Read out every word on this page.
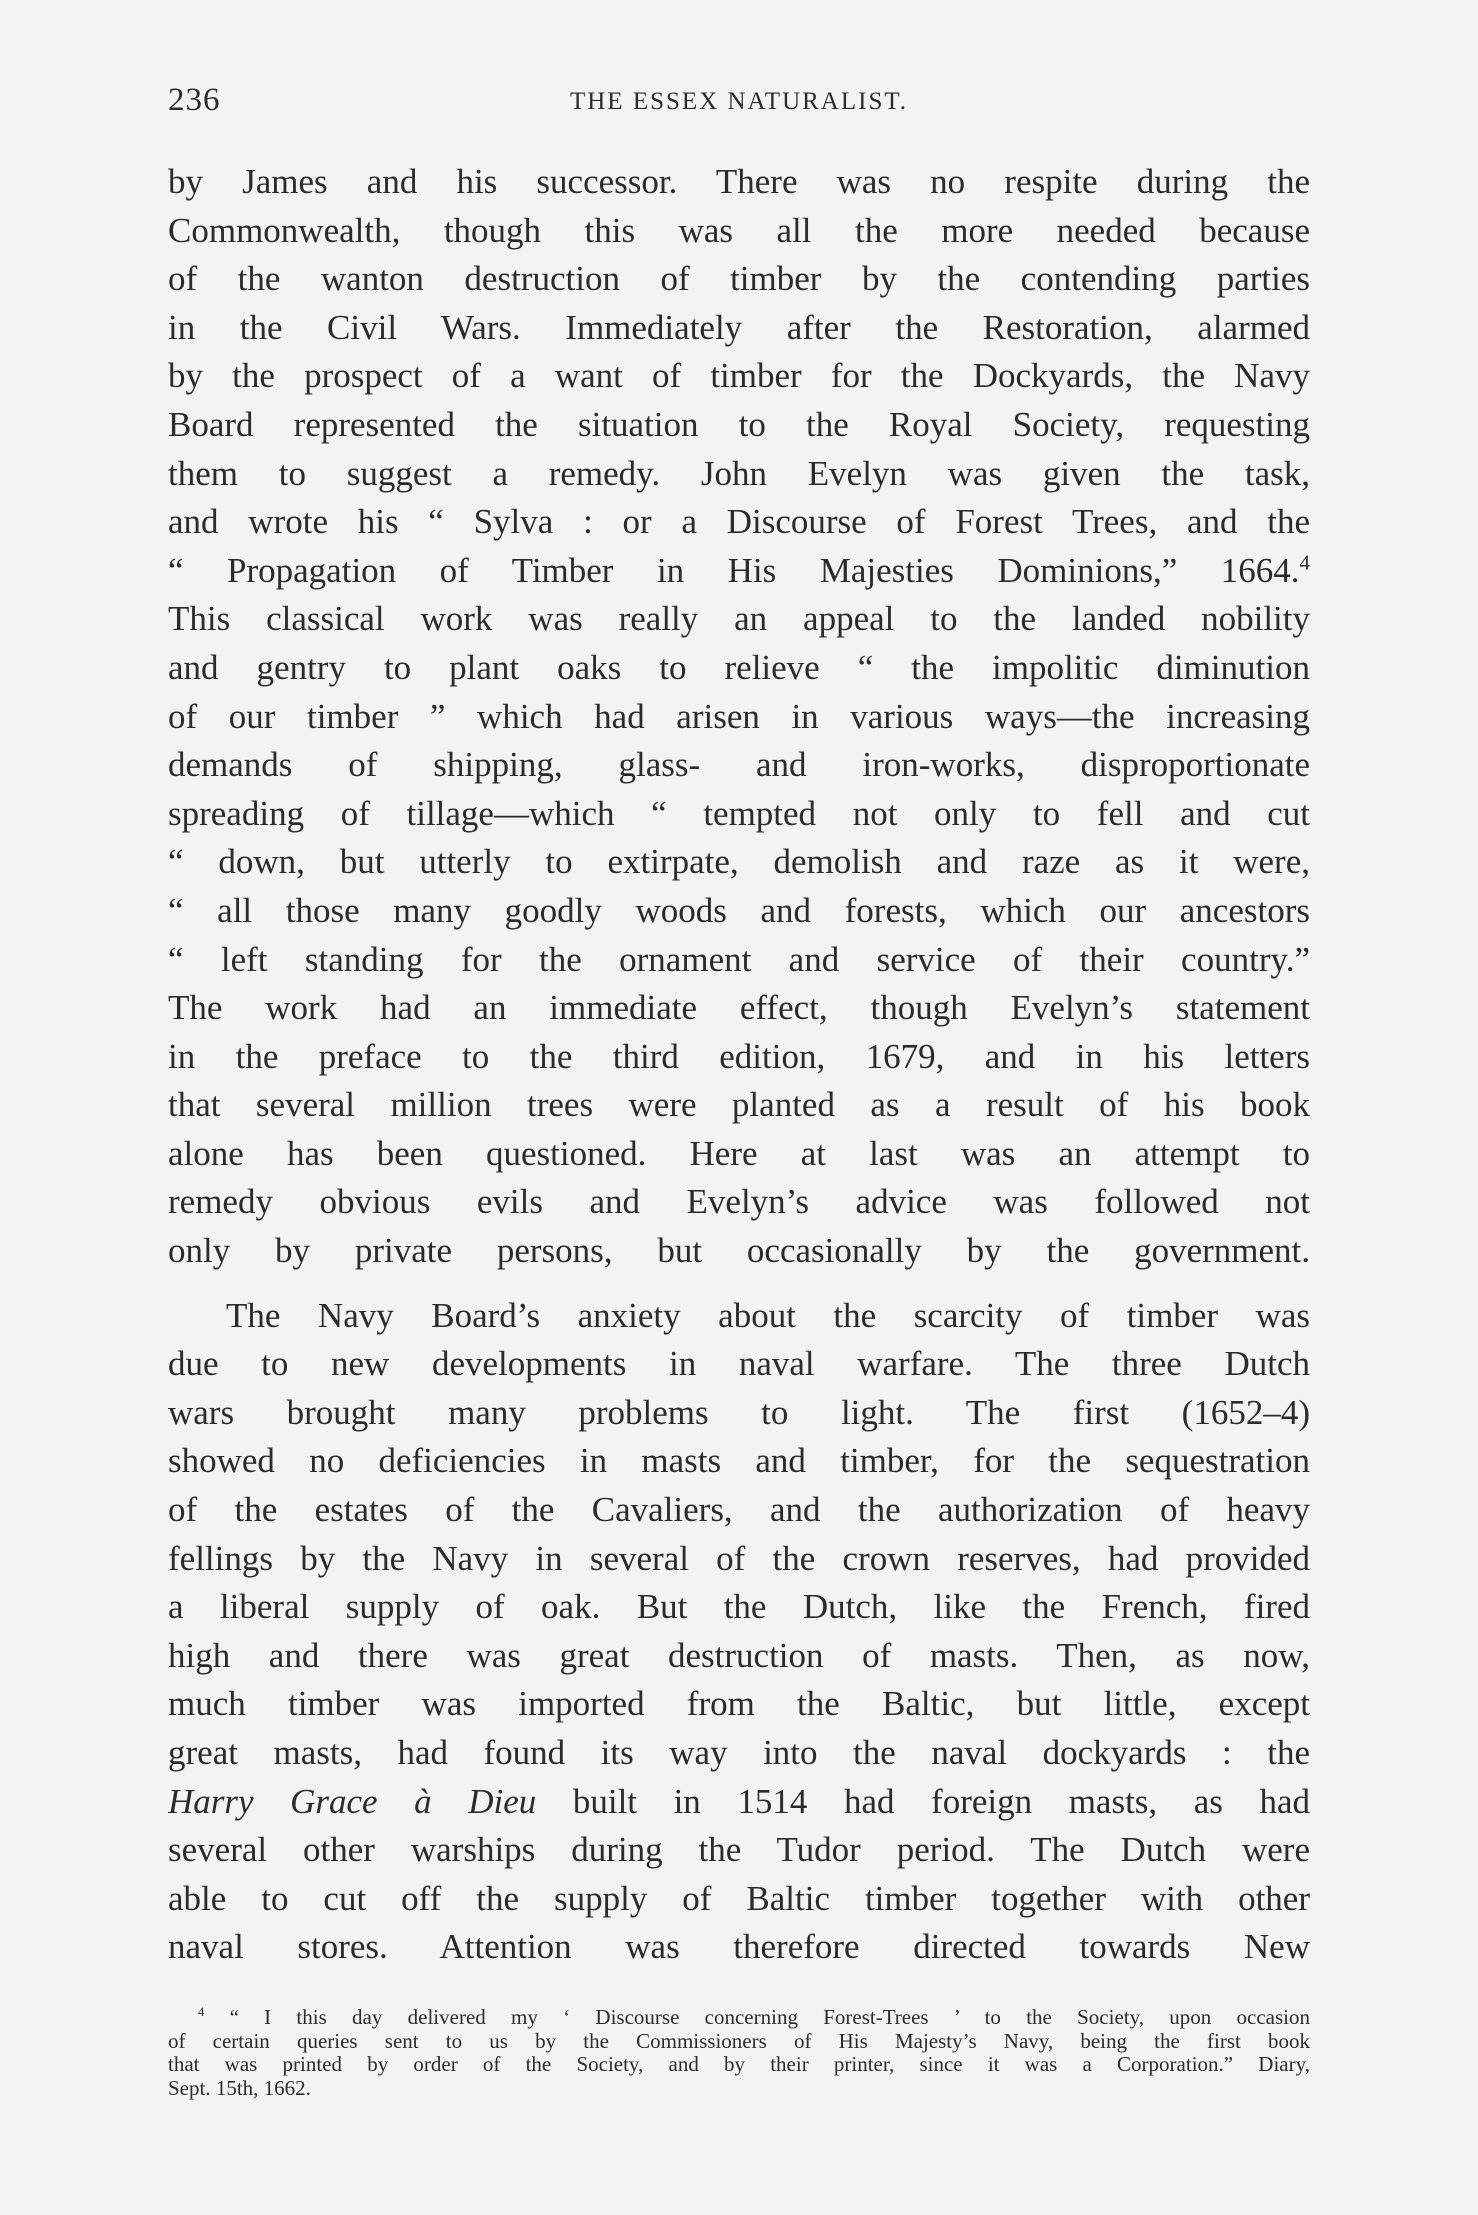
236	THE ESSEX NATURALIST.
by James and his successor. There was no respite during the
Commonwealth, though this was all the more needed because
of the wanton destruction of timber by the contending parties
in the Civil Wars. Immediately after the Restoration, alarmed
by the prospect of a want of timber for the Dockyards, the Navy
Board represented the situation to the Royal Society, requesting
them to suggest a remedy. John Evelyn was given the task,
and wrote his “ Sylva : or a Discourse of Forest Trees, and the
“ Propagation of Timber in His Majesties Dominions,” 1664.$^4$
This classical work was really an appeal to the landed nobility
and gentry to plant oaks to relieve “ the impolitic diminution
of our timber ” which had arisen in various ways—the increasing
demands of shipping, glass- and iron-works, disproportionate
spreading of tillage—which “ tempted not only to fell and cut
“ down, but utterly to extirpate, demolish and raze as it were,
“ all those many goodly woods and forests, which our ancestors
“ left standing for the ornament and service of their country.”
The work had an immediate effect, though Evelyn’s statement
in the preface to the third edition, 1679, and in his letters
that several million trees were planted as a result of his book
alone has been questioned. Here at last was an attempt to
remedy obvious evils and Evelyn’s advice was followed not
only by private persons, but occasionally by the government.
The Navy Board’s anxiety about the scarcity of timber was
due to new developments in naval warfare. The three Dutch
wars brought many problems to light. The first (1652–4)
showed no deficiencies in masts and timber, for the sequestration
of the estates of the Cavaliers, and the authorization of heavy
fellings by the Navy in several of the crown reserves, had provided
a liberal supply of oak. But the Dutch, like the French, fired
high and there was great destruction of masts. Then, as now,
much timber was imported from the Baltic, but little, except
great masts, had found its way into the naval dockyards : the
Harry Grace à Dieu built in 1514 had foreign masts, as had
several other warships during the Tudor period. The Dutch were
able to cut off the supply of Baltic timber together with other
naval stores. Attention was therefore directed towards New
$^4$ “ I this day delivered my ‘ Discourse concerning Forest-Trees ’ to the Society, upon occasion
of certain queries sent to us by the Commissioners of His Majesty’s Navy, being the first book
that was printed by order of the Society, and by their printer, since it was a Corporation.” Diary,
Sept. 15th, 1662.
